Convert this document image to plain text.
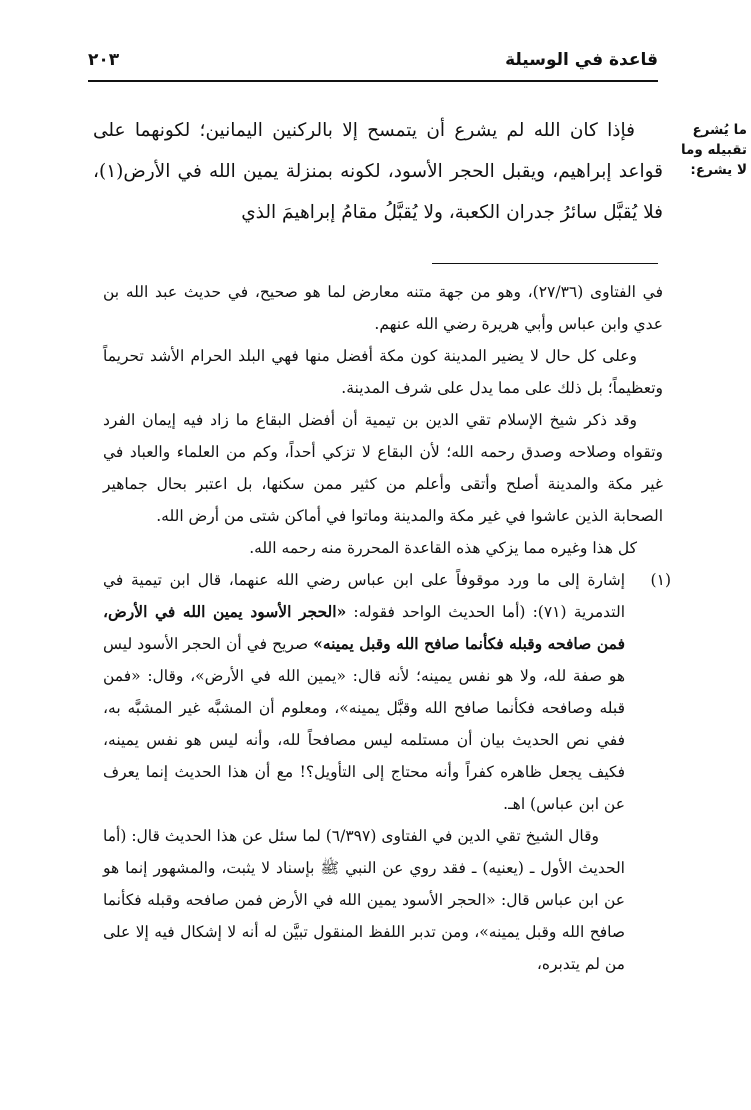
قاعدة في الوسيلة
٢٠٣
ما يُشرع تقبيله وما لا يشرع:

فإذا كان الله لم يشرع أن يتمسح إلا بالركنين اليمانين؛ لكونهما على قواعد إبراهيم، ويقبل الحجر الأسود، لكونه بمنزلة يمين الله في الأرض(١)، فلا يُقبَّل سائرُ جدران الكعبة، ولا يُقبَّلُ مقامُ إبراهيمَ الذي

في الفتاوى (٢٧/٣٦)، وهو من جهة متنه معارض لما هو صحيح، في حديث عبد الله بن عدي وابن عباس وأبي هريرة رضي الله عنهم.

وعلى كل حال لا يضير المدينة كون مكة أفضل منها فهي البلد الحرام الأشد تحريماً وتعظيماً؛ بل ذلك على مما يدل على شرف المدينة.

وقد ذكر شيخ الإسلام تقي الدين بن تيمية أن أفضل البقاع ما زاد فيه إيمان الفرد وتقواه وصلاحه وصدق رحمه الله؛ لأن البقاع لا تزكي أحداً، وكم من العلماء والعباد في غير مكة والمدينة أصلح وأتقى وأعلم من كثير ممن سكنها، بل اعتبر بحال جماهير الصحابة الذين عاشوا في غير مكة والمدينة وماتوا في أماكن شتى من أرض الله.

كل هذا وغيره مما يزكي هذه القاعدة المحررة منه رحمه الله.

(١)

إشارة إلى ما ورد موقوفاً على ابن عباس رضي الله عنهما، قال ابن تيمية في التدمرية (٧١): (أما الحديث الواحد فقوله: «الحجر الأسود يمين الله في الأرض، فمن صافحه وقبله فكأنما صافح الله وقبل يمينه» صريح في أن الحجر الأسود ليس هو صفة لله، ولا هو نفس يمينه؛ لأنه قال: «يمين الله في الأرض»، وقال: «فمن قبله وصافحه فكأنما صافح الله وقبَّل يمينه»، ومعلوم أن المشبَّه غير المشبَّه به، ففي نص الحديث بيان أن مستلمه ليس مصافحاً لله، وأنه ليس هو نفس يمينه، فكيف يجعل ظاهره كفراً وأنه محتاج إلى التأويل؟! مع أن هذا الحديث إنما يعرف عن ابن عباس) اهـ.

وقال الشيخ تقي الدين في الفتاوى (٦/٣٩٧) لما سئل عن هذا الحديث قال: (أما الحديث الأول ـ (يعنيه) ـ فقد روي عن النبي ﷺ بإسناد لا يثبت، والمشهور إنما هو عن ابن عباس قال: «الحجر الأسود يمين الله في الأرض فمن صافحه وقبله فكأنما صافح الله وقبل يمينه»، ومن تدبر اللفظ المنقول تبيَّن له أنه لا إشكال فيه إلا على من لم يتدبره،
